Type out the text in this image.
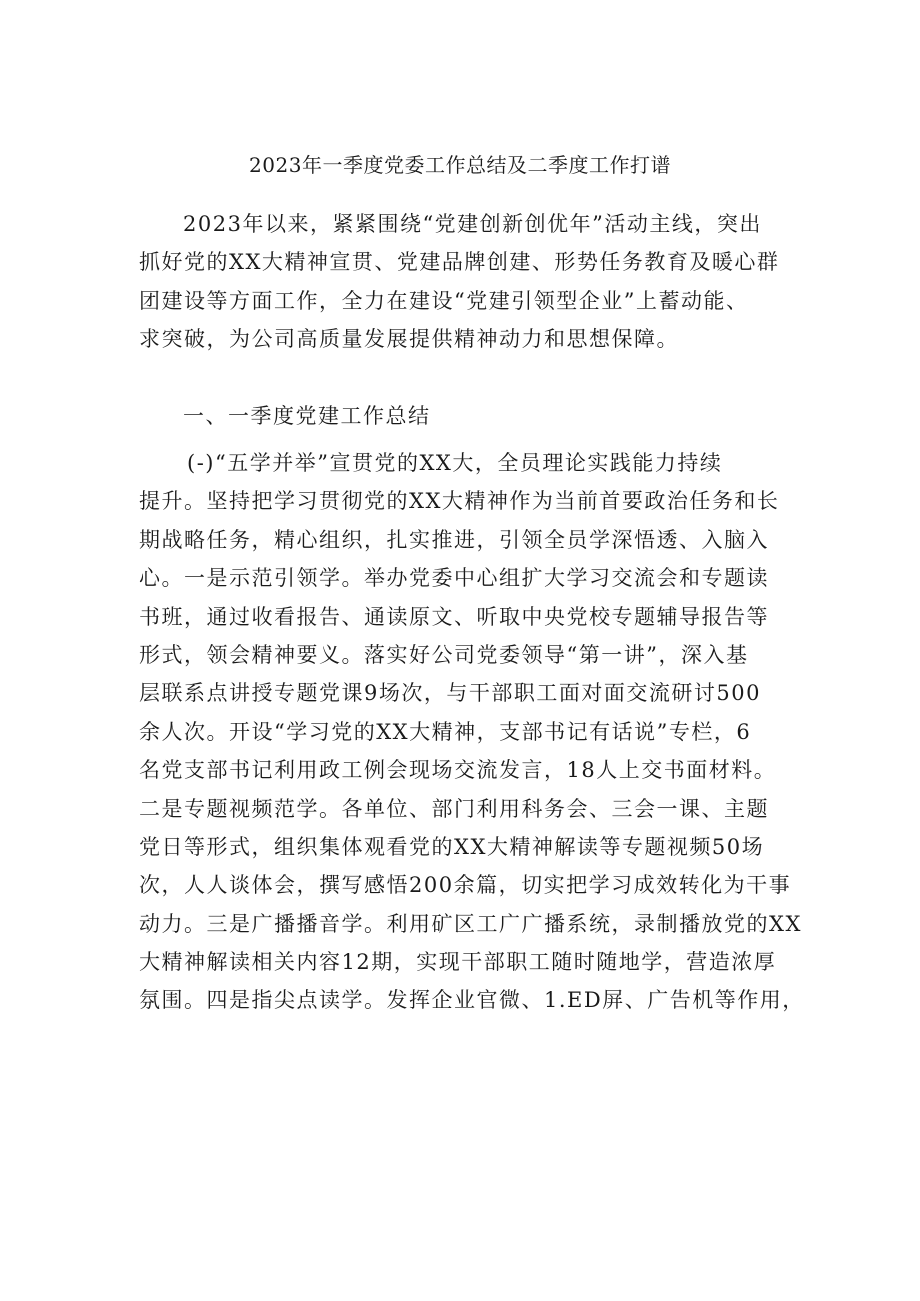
2023年一季度党委工作总结及二季度工作打谱
2023年以来，紧紧围绕“党建创新创优年”活动主线，突出
抓好党的XX大精神宣贯、党建品牌创建、形势任务教育及暖心群
团建设等方面工作，全力在建设“党建引领型企业”上蓄动能、
求突破，为公司高质量发展提供精神动力和思想保障。
一、一季度党建工作总结
(-)“五学并举”宣贯党的XX大，全员理论实践能力持续
提升。坚持把学习贯彻党的XX大精神作为当前首要政治任务和长
期战略任务，精心组织，扎实推进，引领全员学深悟透、入脑入
心。一是示范引领学。举办党委中心组扩大学习交流会和专题读
书班，通过收看报告、通读原文、听取中央党校专题辅导报告等
形式，领会精神要义。落实好公司党委领导“第一讲”，深入基
层联系点讲授专题党课9场次，与干部职工面对面交流研讨500
余人次。开设“学习党的XX大精神，支部书记有话说”专栏，6
名党支部书记利用政工例会现场交流发言，18人上交书面材料。
二是专题视频范学。各单位、部门利用科务会、三会一课、主题
党日等形式，组织集体观看党的XX大精神解读等专题视频50场
次，人人谈体会，撰写感悟200余篇，切实把学习成效转化为干事
动力。三是广播播音学。利用矿区工广广播系统，录制播放党的XX
大精神解读相关内容12期，实现干部职工随时随地学，营造浓厚
氛围。四是指尖点读学。发挥企业官微、1.ED屏、广告机等作用，
